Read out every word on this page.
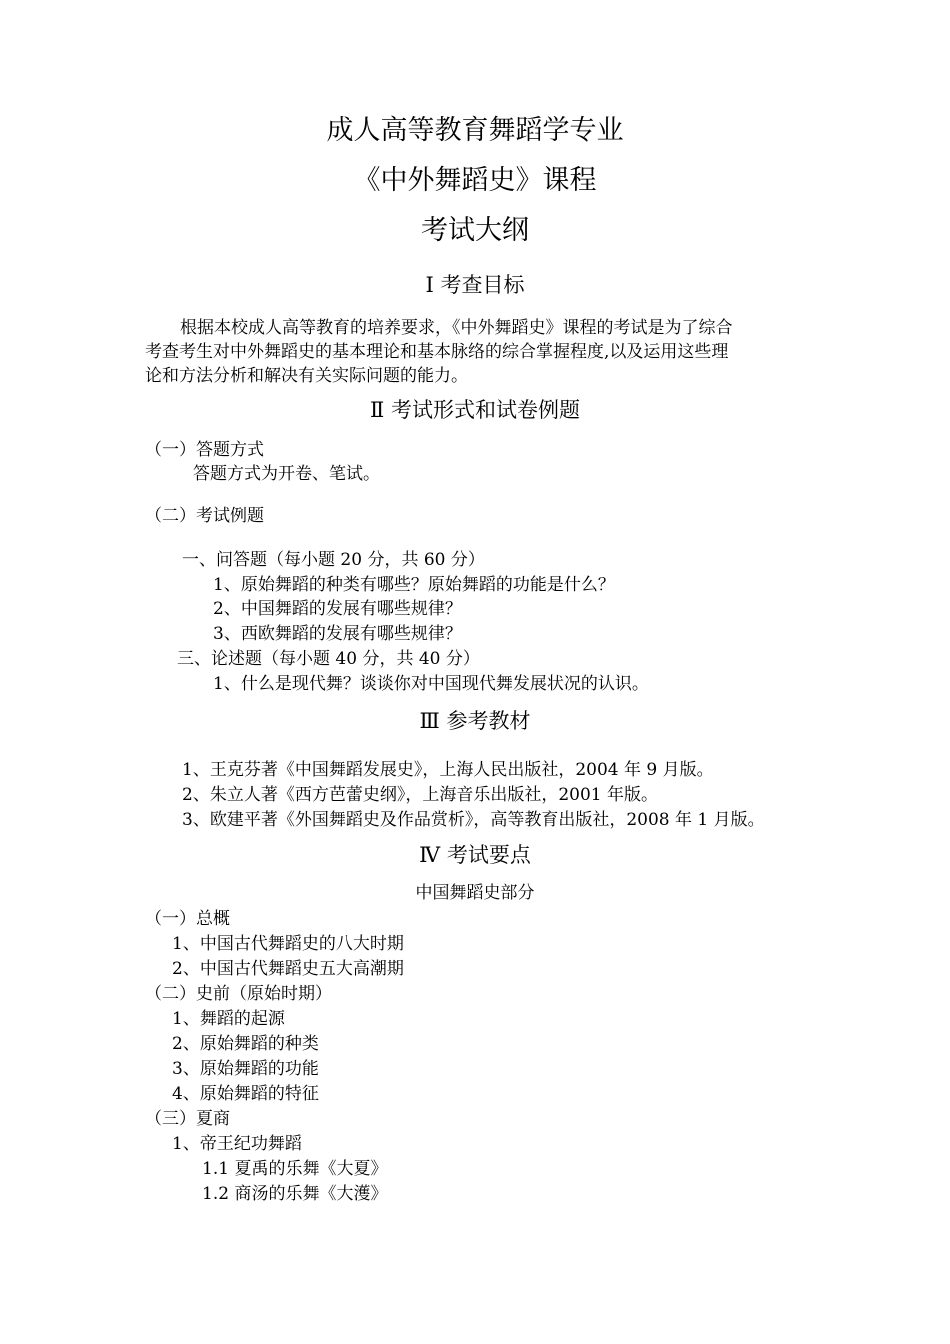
成人高等教育舞蹈学专业
《中外舞蹈史》课程
考试大纲
Ⅰ 考查目标
根据本校成人高等教育的培养要求，《中外舞蹈史》课程的考试是为了综合
考查考生对中外舞蹈史的基本理论和基本脉络的综合掌握程度,以及运用这些理
论和方法分析和解决有关实际问题的能力。
Ⅱ 考试形式和试卷例题
（一）答题方式
答题方式为开卷、笔试。
（二）考试例题
一、问答题（每小题 20 分，共 60 分）
1、原始舞蹈的种类有哪些？原始舞蹈的功能是什么？
2、中国舞蹈的发展有哪些规律？
3、西欧舞蹈的发展有哪些规律？
三、论述题（每小题 40 分，共 40 分）
1、什么是现代舞？谈谈你对中国现代舞发展状况的认识。
Ⅲ 参考教材
1、王克芬著《中国舞蹈发展史》，上海人民出版社，2004 年 9 月版。
2、朱立人著《西方芭蕾史纲》，上海音乐出版社，2001 年版。
3、欧建平著《外国舞蹈史及作品赏析》，高等教育出版社，2008 年 1 月版。
Ⅳ 考试要点
中国舞蹈史部分
（一）总概
1、中国古代舞蹈史的八大时期
2、中国古代舞蹈史五大高潮期
（二）史前（原始时期）
1、舞蹈的起源
2、原始舞蹈的种类
3、原始舞蹈的功能
4、原始舞蹈的特征
（三）夏商
1、帝王纪功舞蹈
1.1 夏禹的乐舞《大夏》
1.2 商汤的乐舞《大濩》
